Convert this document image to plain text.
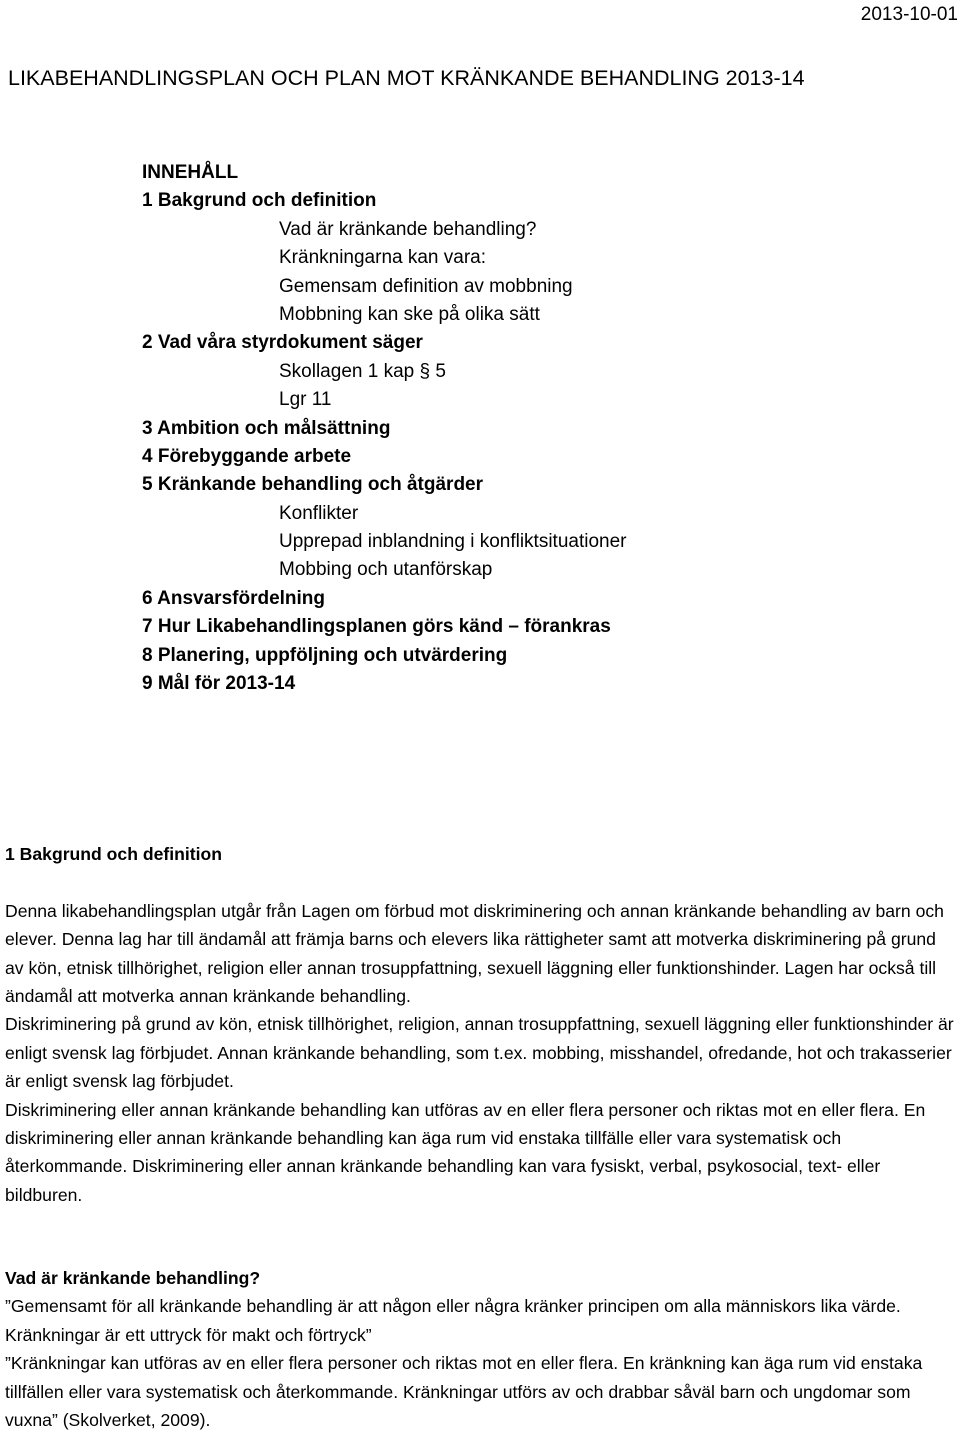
2013-10-01
LIKABEHANDLINGSPLAN OCH PLAN MOT KRÄNKANDE BEHANDLING 2013-14
INNEHÅLL
1 Bakgrund och definition
Vad är kränkande behandling?
Kränkningarna kan vara:
Gemensam definition av mobbning
Mobbning kan ske på olika sätt
2 Vad våra styrdokument säger
Skollagen 1 kap § 5
Lgr 11
3 Ambition och målsättning
4 Förebyggande arbete
5 Kränkande behandling och åtgärder
Konflikter
Upprepad inblandning i konfliktsituationer
Mobbing och utanförskap
6 Ansvarsfördelning
7 Hur Likabehandlingsplanen görs känd – förankras
8 Planering, uppföljning och utvärdering
9 Mål för 2013-14

1 Bakgrund och definition

Denna likabehandlingsplan utgår från Lagen om förbud mot diskriminering och annan kränkande behandling av barn och elever. Denna lag har till ändamål att främja barns och elevers lika rättigheter samt att motverka diskriminering på grund av kön, etnisk tillhörighet, religion eller annan trosuppfattning, sexuell läggning eller funktionshinder. Lagen har också till ändamål att motverka annan kränkande behandling.

Diskriminering på grund av kön, etnisk tillhörighet, religion, annan trosuppfattning, sexuell läggning eller funktionshinder är enligt svensk lag förbjudet. Annan kränkande behandling, som t.ex. mobbing, misshandel, ofredande, hot och trakasserier är enligt svensk lag förbjudet.

Diskriminering eller annan kränkande behandling kan utföras av en eller flera personer och riktas mot en eller flera. En diskriminering eller annan kränkande behandling kan äga rum vid enstaka tillfälle eller vara systematisk och återkommande. Diskriminering eller annan kränkande behandling kan vara fysiskt, verbal, psykosocial, text- eller bildburen.

Vad är kränkande behandling?

”Gemensamt för all kränkande behandling är att någon eller några kränker principen om alla människors lika värde. Kränkningar är ett uttryck för makt och förtryck”

”Kränkningar kan utföras av en eller flera personer och riktas mot en eller flera. En kränkning kan äga rum vid enstaka tillfällen eller vara systematisk och återkommande. Kränkningar utförs av och drabbar såväl barn och ungdomar som vuxna” (Skolverket, 2009).
